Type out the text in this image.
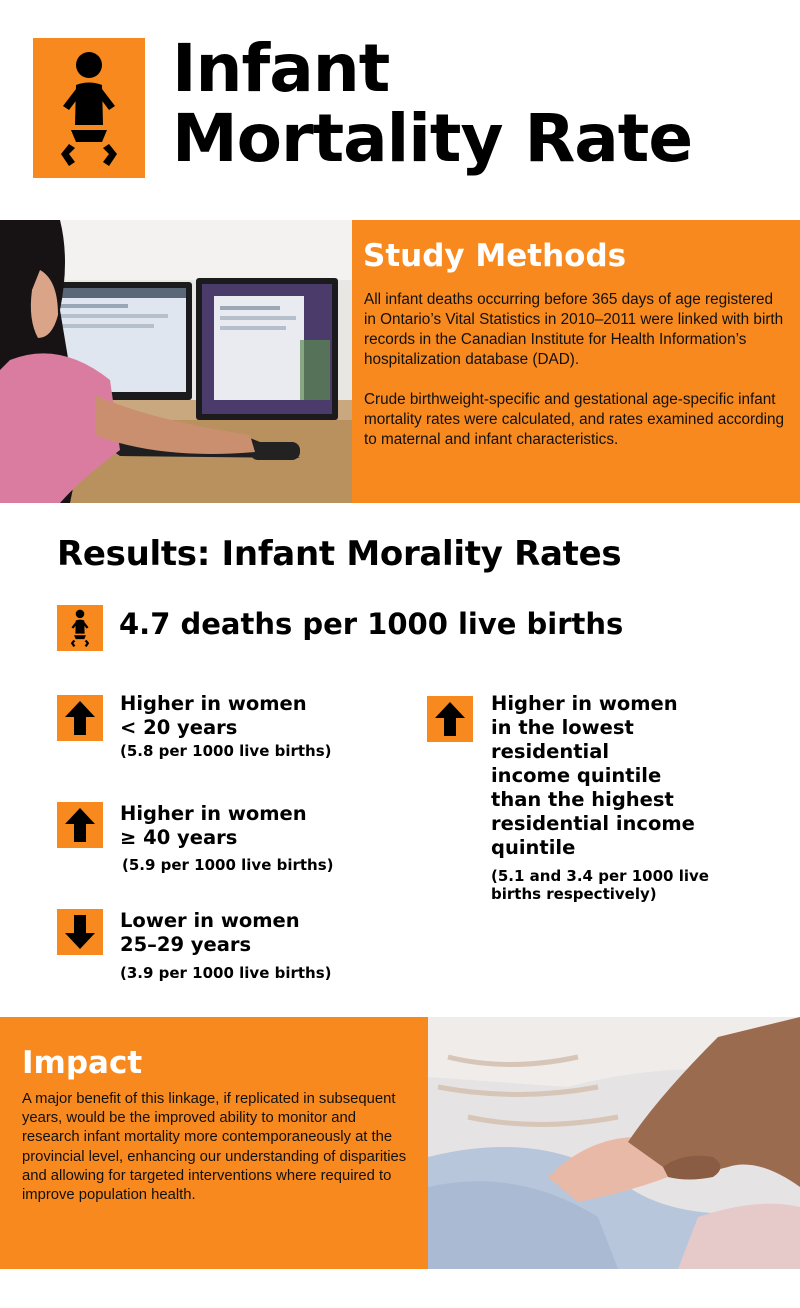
Infant
Mortality Rate
Study Methods

All infant deaths occurring before 365 days of age registered in Ontario’s Vital Statistics in 2010–2011 were linked with birth records in the Canadian Institute for Health Information’s hospitalization database (DAD).

Crude birthweight-specific and gestational age-specific infant mortality rates were calculated, and rates examined according to maternal and infant characteristics.

Results: Infant Morality Rates

4.7 deaths per 1000 live births

Higher in women
< 20 years

(5.8 per 1000 live births)

Higher in women
≥ 40 years

(5.9 per 1000 live births)

Lower in women
25–29 years

(3.9 per 1000 live births)

Higher in women
in the lowest
residential
income quintile
than the highest
residential income
quintile

(5.1 and 3.4 per 1000 live
births respectively)

Impact

A major benefit of this linkage, if replicated in subsequent years, would be the improved ability to monitor and research infant mortality more contemporaneously at the provincial level, enhancing our understanding of disparities and allowing for targeted interventions where required to improve population health.
